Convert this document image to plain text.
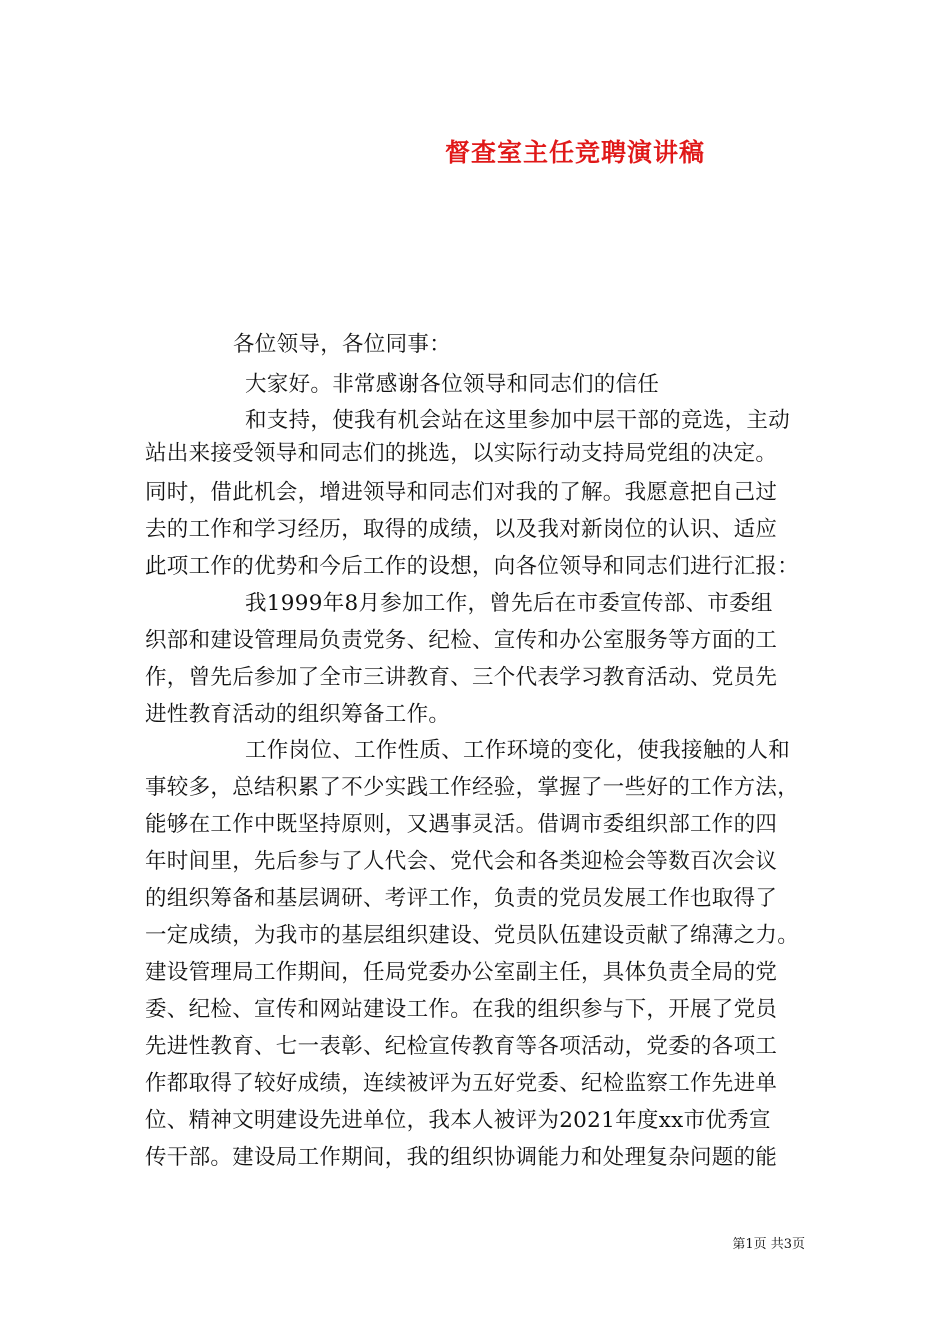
督查室主任竞聘演讲稿
各位领导，各位同事：
大家好。非常感谢各位领导和同志们的信任
和支持，使我有机会站在这里参加中层干部的竞选，主动
站出来接受领导和同志们的挑选，以实际行动支持局党组的决定。
同时，借此机会，增进领导和同志们对我的了解。我愿意把自己过
去的工作和学习经历，取得的成绩，以及我对新岗位的认识、适应
此项工作的优势和今后工作的设想，向各位领导和同志们进行汇报：
我1999年8月参加工作，曾先后在市委宣传部、市委组
织部和建设管理局负责党务、纪检、宣传和办公室服务等方面的工
作，曾先后参加了全市三讲教育、三个代表学习教育活动、党员先
进性教育活动的组织筹备工作。
工作岗位、工作性质、工作环境的变化，使我接触的人和
事较多，总结积累了不少实践工作经验，掌握了一些好的工作方法，
能够在工作中既坚持原则，又遇事灵活。借调市委组织部工作的四
年时间里，先后参与了人代会、党代会和各类迎检会等数百次会议
的组织筹备和基层调研、考评工作，负责的党员发展工作也取得了
一定成绩，为我市的基层组织建设、党员队伍建设贡献了绵薄之力。
建设管理局工作期间，任局党委办公室副主任，具体负责全局的党
委、纪检、宣传和网站建设工作。在我的组织参与下，开展了党员
先进性教育、七一表彰、纪检宣传教育等各项活动，党委的各项工
作都取得了较好成绩，连续被评为五好党委、纪检监察工作先进单
位、精神文明建设先进单位，我本人被评为2021年度xx市优秀宣
传干部。建设局工作期间，我的组织协调能力和处理复杂问题的能
第1页 共3页
